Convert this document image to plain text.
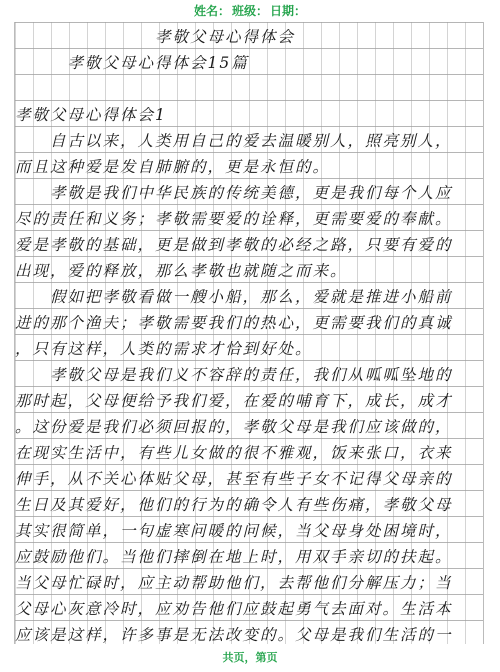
姓名： 班级： 日期：
　　　　　　　　孝敬父母心得体会
　　　孝敬父母心得体会15篇
孝敬父母心得体会1
　　自古以来，人类用自己的爱去温暖别人，照亮别人，
而且这种爱是发自肺腑的，更是永恒的。
　　孝敬是我们中华民族的传统美德，更是我们每个人应
尽的责任和义务；孝敬需要爱的诠释，更需要爱的奉献。
爱是孝敬的基础，更是做到孝敬的必经之路，只要有爱的
出现，爱的释放，那么孝敬也就随之而来。
　　假如把孝敬看做一艘小船，那么，爱就是推进小船前
进的那个渔夫；孝敬需要我们的热心，更需要我们的真诚
，只有这样，人类的需求才恰到好处。
　　孝敬父母是我们义不容辞的责任，我们从呱呱坠地的
那时起，父母便给予我们爱，在爱的哺育下，成长，成才
。这份爱是我们必须回报的，孝敬父母是我们应该做的，
在现实生活中，有些儿女做的很不雅观，饭来张口，衣来
伸手，从不关心体贴父母，甚至有些子女不记得父母亲的
生日及其爱好，他们的行为的确令人有些伤痛，孝敬父母
其实很简单，一句虚寒问暖的问候，当父母身处困境时，
应鼓励他们。当他们摔倒在地上时，用双手亲切的扶起。
当父母忙碌时，应主动帮助他们，去帮他们分解压力；当
父母心灰意冷时，应劝告他们应鼓起勇气去面对。生活本
应该是这样，许多事是无法改变的。父母是我们生活的一
共页，第页
